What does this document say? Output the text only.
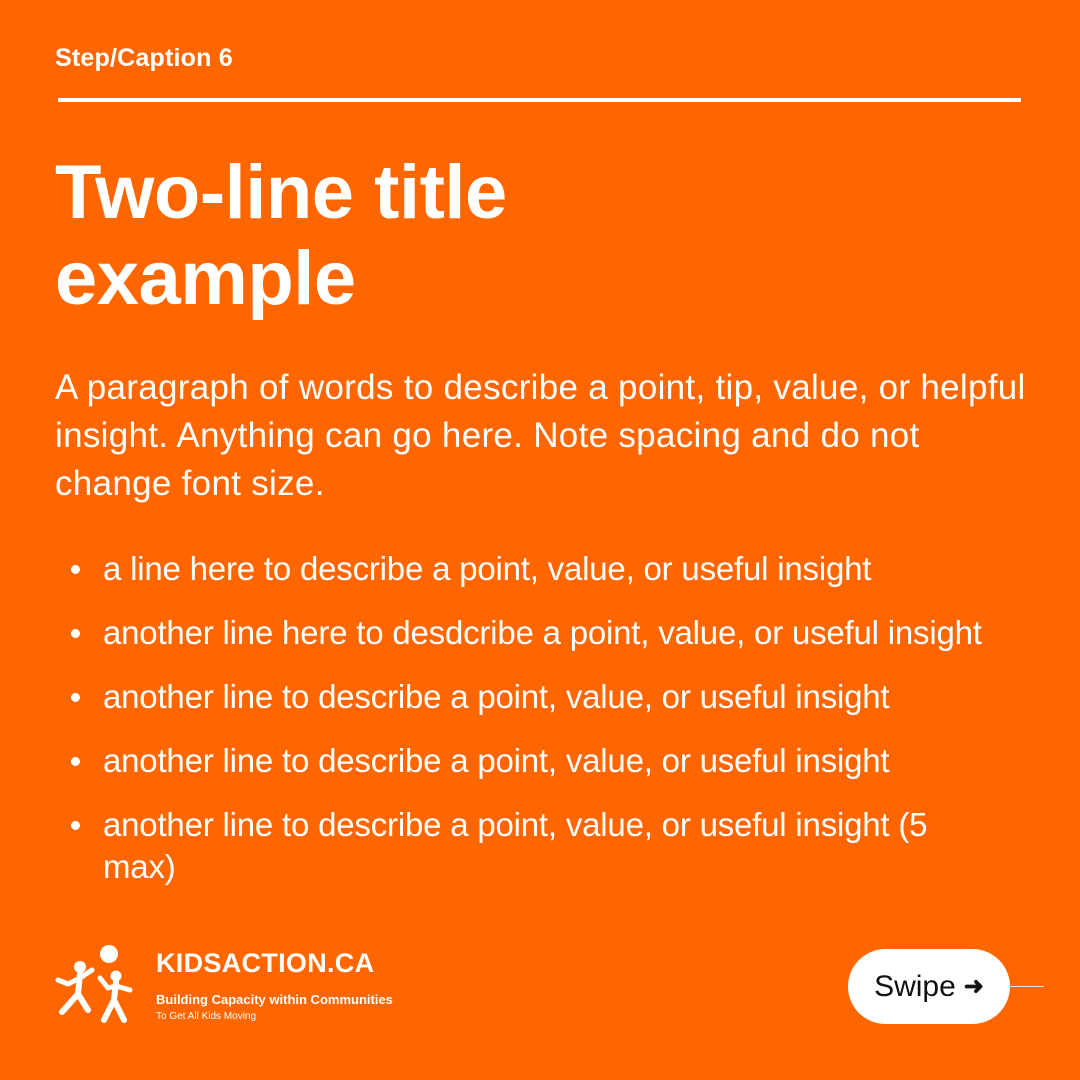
Step/Caption 6
Two-line title
example
A paragraph of words to describe a point, tip, value, or helpful insight. Anything can go here. Note spacing and do not change font size.
a line here to describe a point, value, or useful insight
another line here to desdcribe a point, value, or useful insight
another line to describe a point, value, or useful insight
another line to describe a point, value, or useful insight
another line to describe a point, value, or useful insight (5 max)
KIDSACTION.CA
Building Capacity within Communities
To Get All Kids Moving
Swipe ➜
